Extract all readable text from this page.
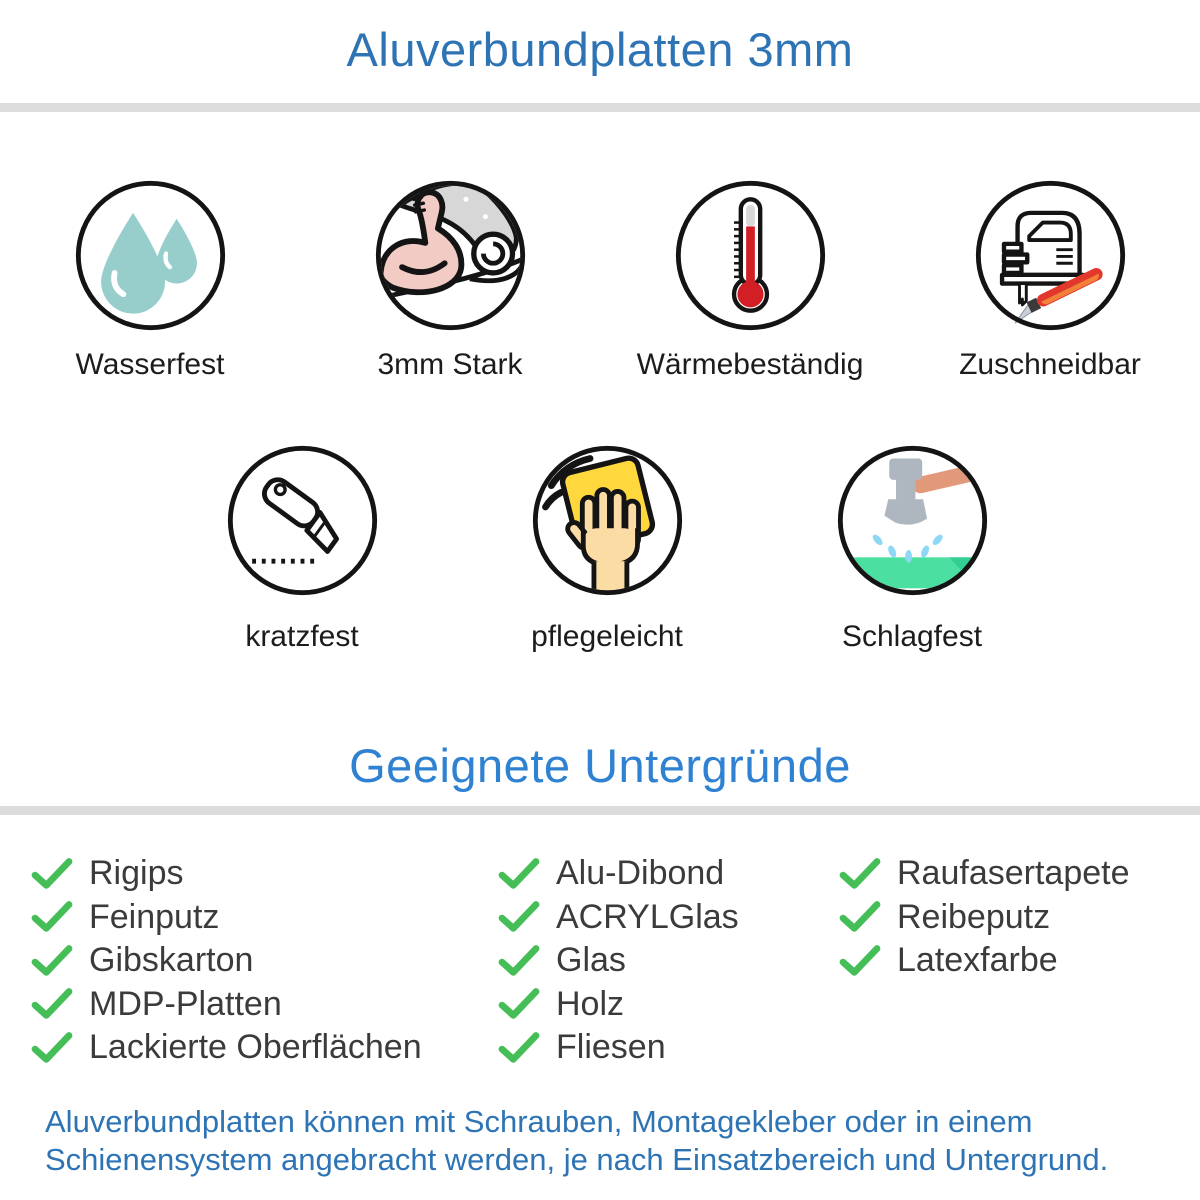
Aluverbundplatten 3mm
Wasserfest	3mm Stark	Wärmebeständig	Zuschneidbar
kratzfest	pflegeleicht	Schlagfest
Geeignete Untergründe
Rigips
Feinputz
Gibskarton
MDP-Platten
Lackierte Oberflächen
Alu-Dibond
ACRYLGlas
Glas
Holz
Fliesen
Raufasertapete
Reibeputz
Latexfarbe

Aluverbundplatten können mit Schrauben, Montagekleber oder in einem
Schienensystem angebracht werden, je nach Einsatzbereich und Untergrund.
